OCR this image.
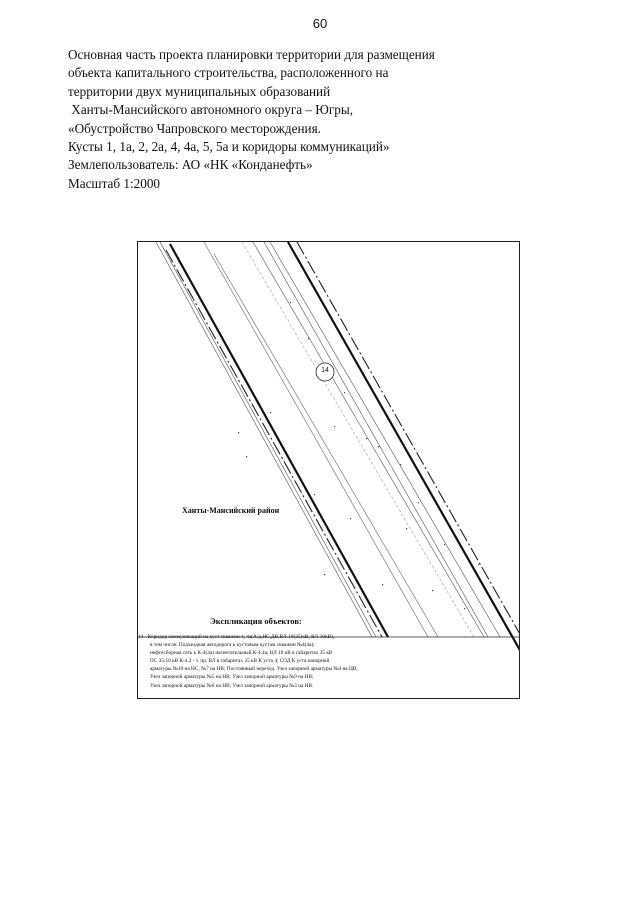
60
Основная часть проекта планировки территории для размещения
объекта капитального строительства, расположенного на
территории двух муниципальных образований
Ханты-Мансийского автономного округа – Югры,
«Обустройство Чапровского месторождения.
Кусты 1, 1а, 2, 2а, 4, 4а, 5, 5а и коридоры коммуникаций»
Землепользователь: АО «НК «Конданефть»
Масштаб 1:2000
14
Ханты-Мансийский район
Экспликация объектов:
14 - Коридор коммуникаций на куст скважин 4, 4а(А/д,НС,ДВ,ВЛ-10(35)кВ, ВЛ-10кВ),
в том числе: Подъездная автодорога к кустовым кустам скважин №4(4а);
нефтесборная сеть к К-4(4а) нагнетательный К-4.4а; ВЛ 10 кВ в габаритах 35 кВ
ПС 35/10 кВ К-4.2 - т. пр. ВЛ в габаритах 35 кВ К уста 4; СОД К уста напорной
арматуры №10 на НС, №7 на НВ; Постоянный переход. Узел запорной арматуры №4 на ЦВ;
Узел запорной арматуры №5 на НВ; Узел запорной арматуры №9 на НВ;
Узел запорной арматуры №6 на НВ; Узел запорной арматуры №3 на НВ.
